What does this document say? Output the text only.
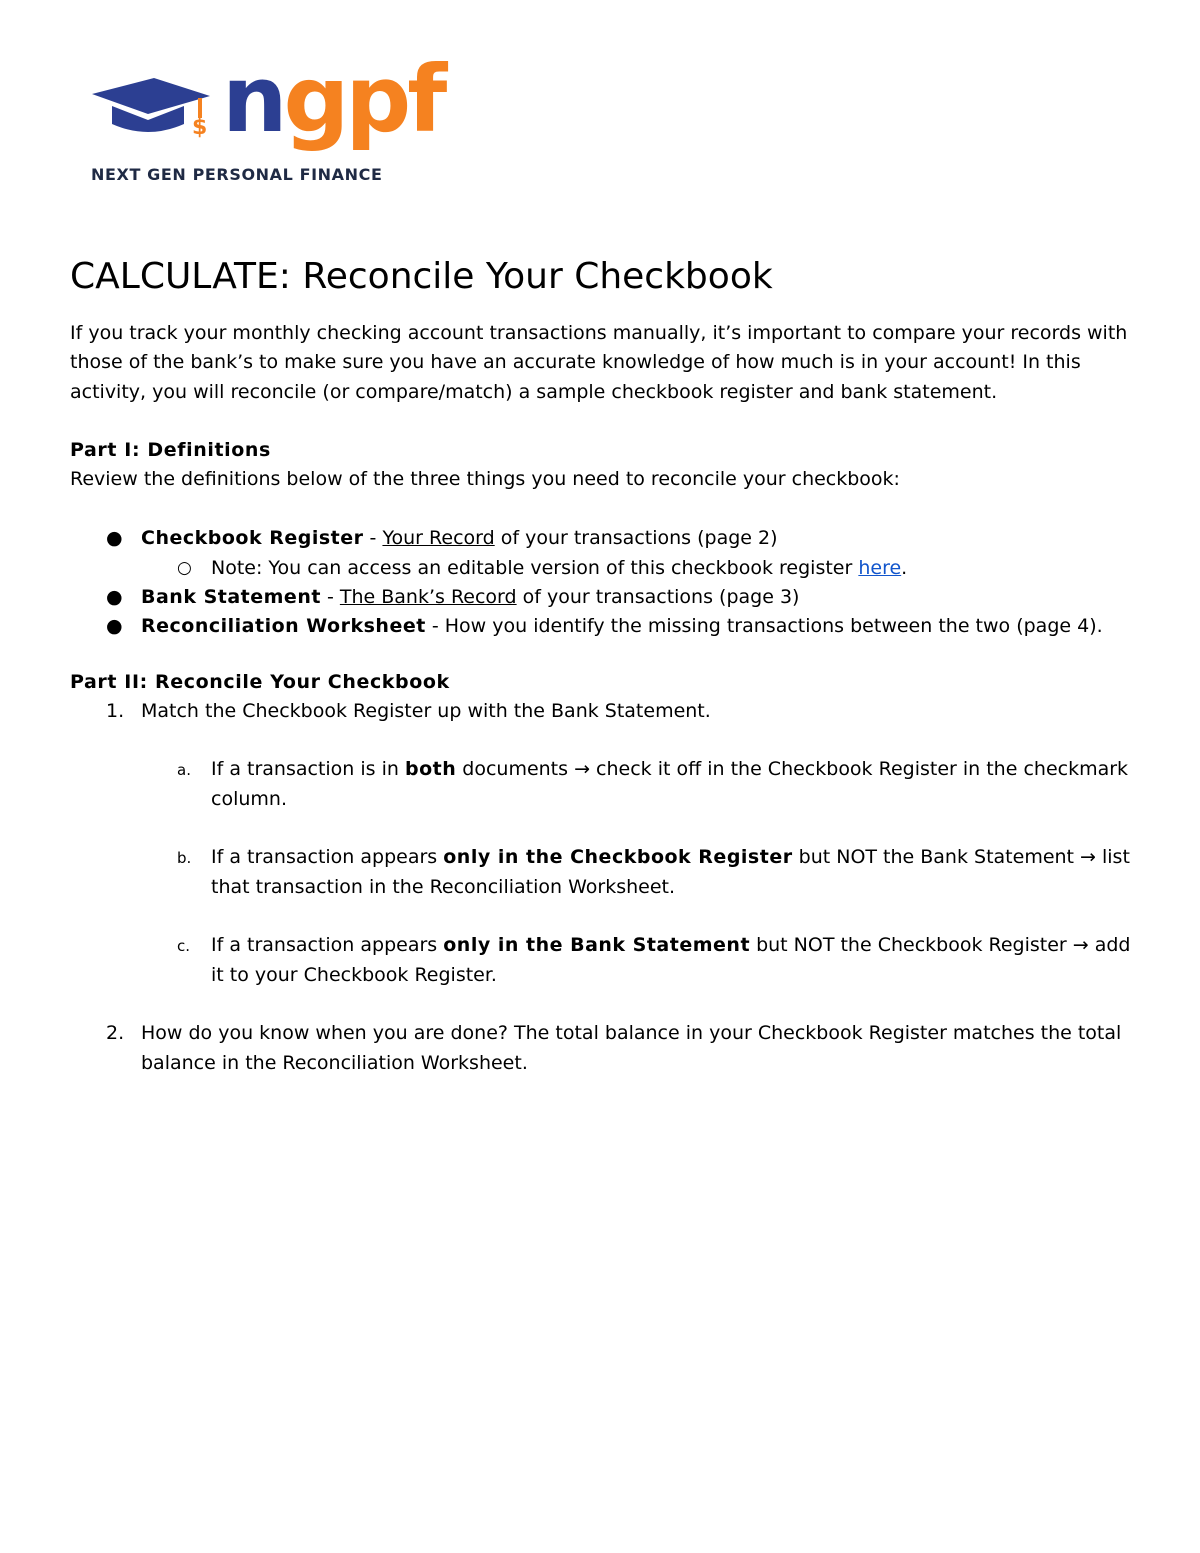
$ ngpf
NEXT GEN PERSONAL FINANCE
CALCULATE: Reconcile Your Checkbook

If you track your monthly checking account transactions manually, it’s important to compare your records with those of the bank’s to make sure you have an accurate knowledge of how much is in your account! In this activity, you will reconcile (or compare/match) a sample checkbook register and bank statement.

Part I: Definitions

Review the definitions below of the three things you need to reconcile your checkbook:

● Checkbook Register - Your Record of your transactions (page 2)
○ Note: You can access an editable version of this checkbook register here.
● Bank Statement - The Bank’s Record of your transactions (page 3)
● Reconciliation Worksheet - How you identify the missing transactions between the two (page 4).

Part II: Reconcile Your Checkbook

1. Match the Checkbook Register up with the Bank Statement.
a. If a transaction is in both documents → check it off in the Checkbook Register in the checkmark column.
b. If a transaction appears only in the Checkbook Register but NOT the Bank Statement → list that transaction in the Reconciliation Worksheet.
c. If a transaction appears only in the Bank Statement but NOT the Checkbook Register → add it to your Checkbook Register.
2. How do you know when you are done? The total balance in your Checkbook Register matches the total balance in the Reconciliation Worksheet.
